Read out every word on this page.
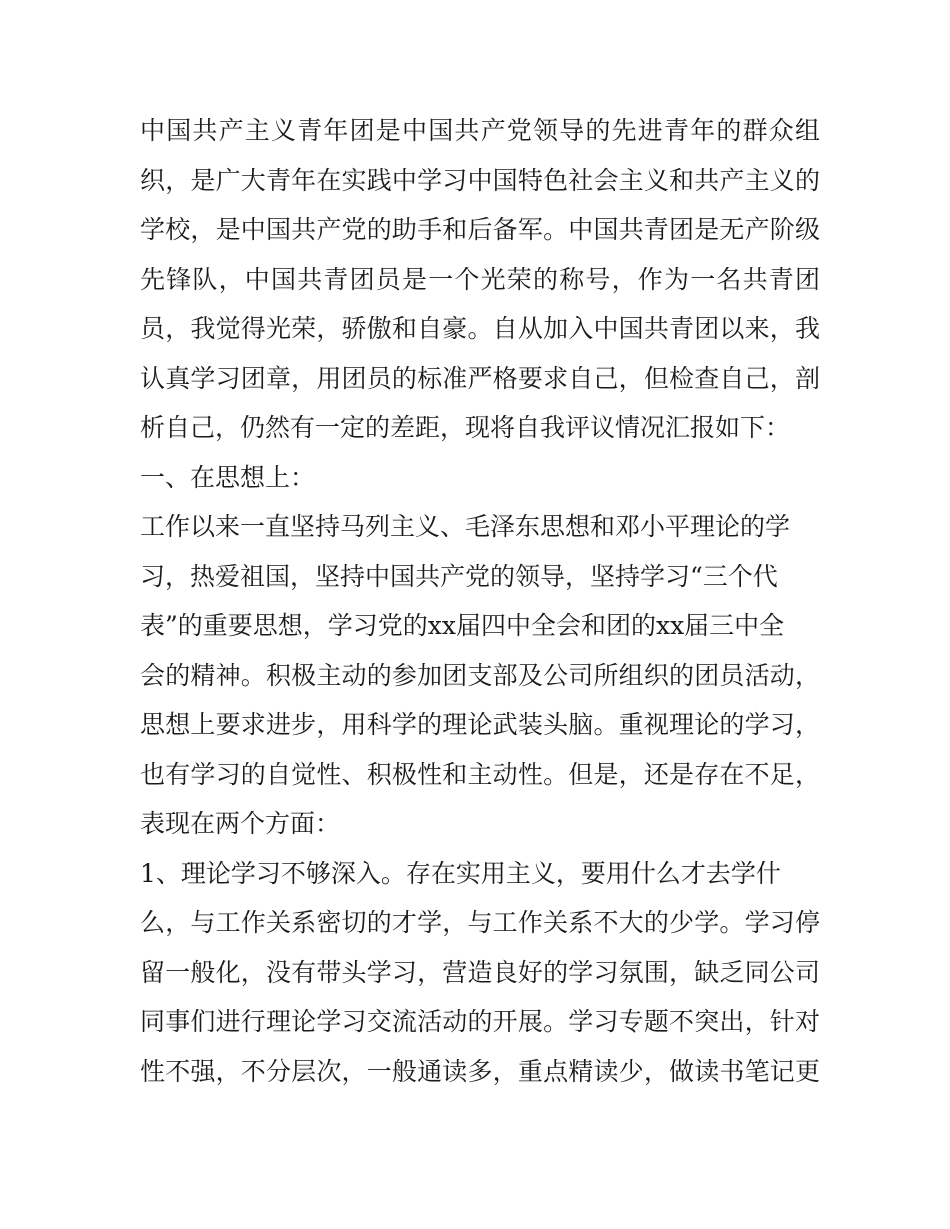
中国共产主义青年团是中国共产党领导的先进青年的群众组
织，是广大青年在实践中学习中国特色社会主义和共产主义的
学校，是中国共产党的助手和后备军。中国共青团是无产阶级
先锋队，中国共青团员是一个光荣的称号，作为一名共青团
员，我觉得光荣，骄傲和自豪。自从加入中国共青团以来，我
认真学习团章，用团员的标准严格要求自己，但检查自己，剖
析自己，仍然有一定的差距，现将自我评议情况汇报如下：
一、在思想上：
工作以来一直坚持马列主义、毛泽东思想和邓小平理论的学
习，热爱祖国，坚持中国共产党的领导，坚持学习“三个代
表”的重要思想，学习党的xx届四中全会和团的xx届三中全
会的精神。积极主动的参加团支部及公司所组织的团员活动，
思想上要求进步，用科学的理论武装头脑。重视理论的学习，
也有学习的自觉性、积极性和主动性。但是，还是存在不足，
表现在两个方面：
1、理论学习不够深入。存在实用主义，要用什么才去学什
么，与工作关系密切的才学，与工作关系不大的少学。学习停
留一般化，没有带头学习，营造良好的学习氛围，缺乏同公司
同事们进行理论学习交流活动的开展。学习专题不突出，针对
性不强，不分层次，一般通读多，重点精读少，做读书笔记更
